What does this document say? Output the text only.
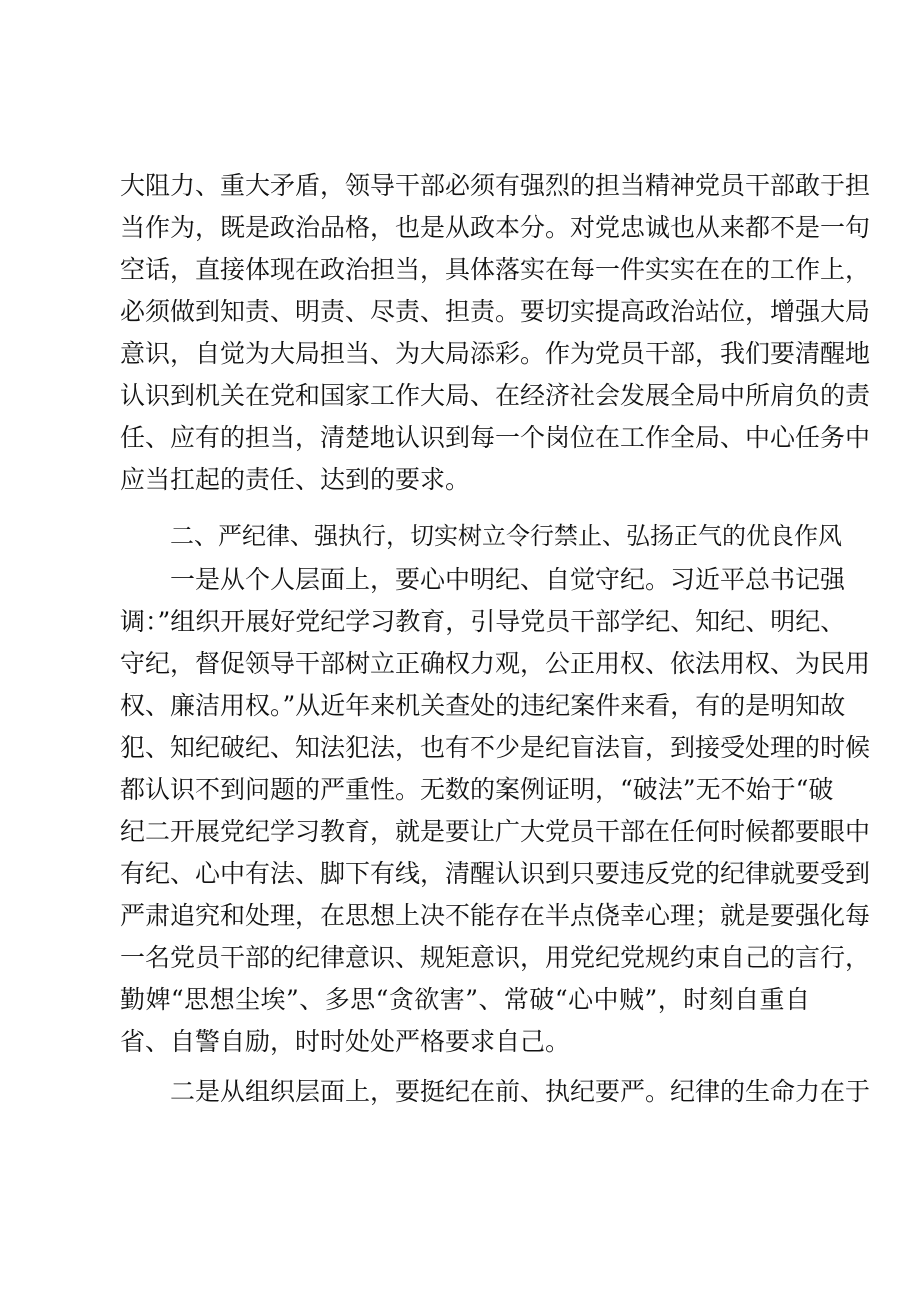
大阻力、重大矛盾，领导干部必须有强烈的担当精神党员干部敢于担
当作为，既是政治品格，也是从政本分。对党忠诚也从来都不是一句
空话，直接体现在政治担当，具体落实在每一件实实在在的工作上，
必须做到知责、明责、尽责、担责。要切实提高政治站位，增强大局
意识，自觉为大局担当、为大局添彩。作为党员干部，我们要清醒地
认识到机关在党和国家工作大局、在经济社会发展全局中所肩负的责
任、应有的担当，清楚地认识到每一个岗位在工作全局、中心任务中
应当扛起的责任、达到的要求。
二、严纪律、强执行，切实树立令行禁止、弘扬正气的优良作风
一是从个人层面上，要心中明纪、自觉守纪。习近平总书记强
调：”组织开展好党纪学习教育，引导党员干部学纪、知纪、明纪、
守纪，督促领导干部树立正确权力观，公正用权、依法用权、为民用
权、廉洁用权。”从近年来机关查处的违纪案件来看，有的是明知故
犯、知纪破纪、知法犯法，也有不少是纪盲法盲，到接受处理的时候
都认识不到问题的严重性。无数的案例证明，“破法”无不始于“破
纪二开展党纪学习教育，就是要让广大党员干部在任何时候都要眼中
有纪、心中有法、脚下有线，清醒认识到只要违反党的纪律就要受到
严肃追究和处理，在思想上决不能存在半点侥幸心理；就是要强化每
一名党员干部的纪律意识、规矩意识，用党纪党规约束自己的言行，
勤婢“思想尘埃”、多思“贪欲害”、常破“心中贼”，时刻自重自
省、自警自励，时时处处严格要求自己。
二是从组织层面上，要挺纪在前、执纪要严。纪律的生命力在于
